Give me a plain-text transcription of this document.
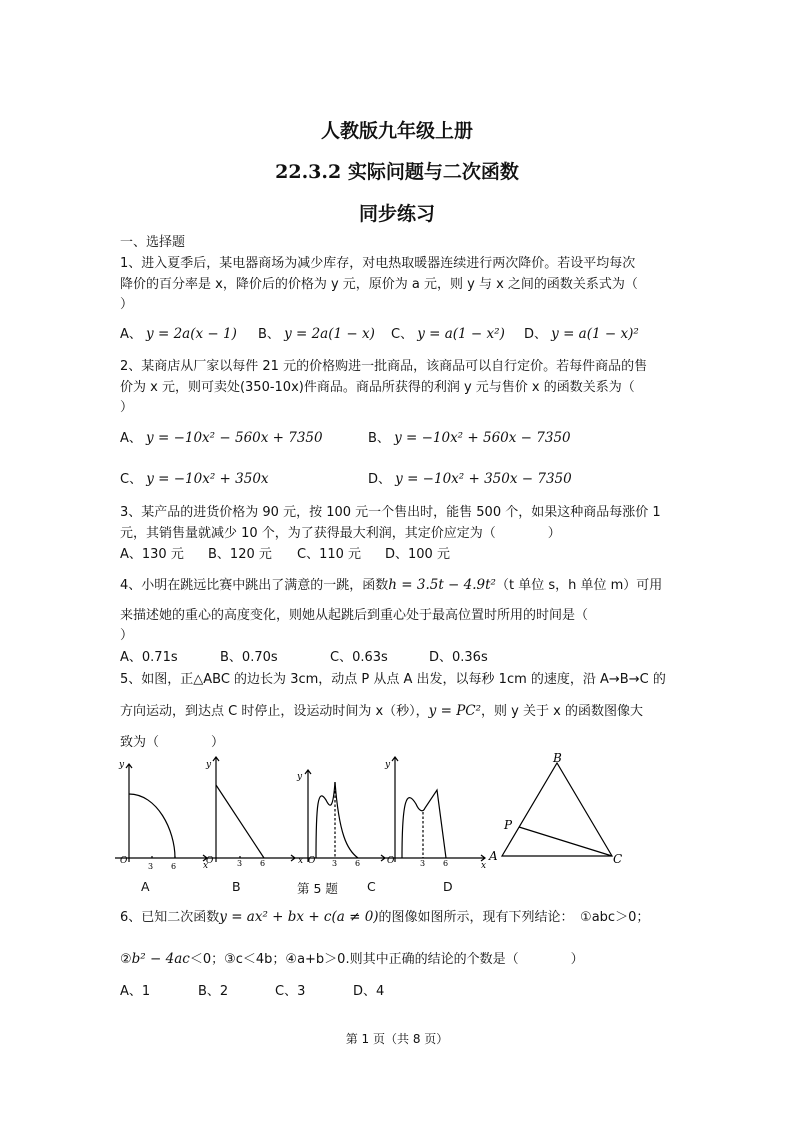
人教版九年级上册
22.3.2 实际问题与二次函数
同步练习
一、选择题
1、进入夏季后，某电器商场为减少库存，对电热取暖器连续进行两次降价。若设平均每次
降价的百分率是 x，降价后的价格为 y 元，原价为 a 元，则 y 与 x 之间的函数关系式为（
）
A、 y = 2a(x − 1) B、 y = 2a(1 − x) C、 y = a(1 − x²) D、 y = a(1 − x)²
2、某商店从厂家以每件 21 元的价格购进一批商品，该商品可以自行定价。若每件商品的售
价为 x 元，则可卖处(350-10x)件商品。商品所获得的利润 y 元与售价 x 的函数关系为（
）
A、 y = −10x² − 560x + 7350	B、 y = −10x² + 560x − 7350
C、 y = −10x² + 350x	D、 y = −10x² + 350x − 7350
3、某产品的进货价格为 90 元，按 100 元一个售出时，能售 500 个，如果这种商品每涨价 1
元，其销售量就减少 10 个，为了获得最大利润，其定价应定为（　　　　）
A、130 元 B、120 元 C、110 元 D、100 元
4、小明在跳远比赛中跳出了满意的一跳，函数h = 3.5t − 4.9t²（t 单位 s，h 单位 m）可用
来描述她的重心的高度变化，则她从起跳后到重心处于最高位置时所用的时间是（
）
A、0.71s	B、0.70s	C、0.63s	D、0.36s
5、如图，正△ABC 的边长为 3cm，动点 P 从点 A 出发，以每秒 1cm 的速度，沿 A→B→C 的
方向运动，到达点 C 时停止，设运动时间为 x（秒），y = PC²，则 y 关于 x 的函数图像大
致为（　　　　）
y
O	x
y
O
y
x O
y
O	x
3 6	3 6	3 6	3 6
B
P
A	C
A	B	第 5 题 C	D
6、已知二次函数y = ax² + bx + c(a ≠ 0)的图像如图所示，现有下列结论：　①abc＞0；
②b² − 4ac＜0；③c＜4b；④a+b＞0.则其中正确的结论的个数是（　　　　）
A、1	B、2	C、3	D、4
第 1 页（共 8 页）
